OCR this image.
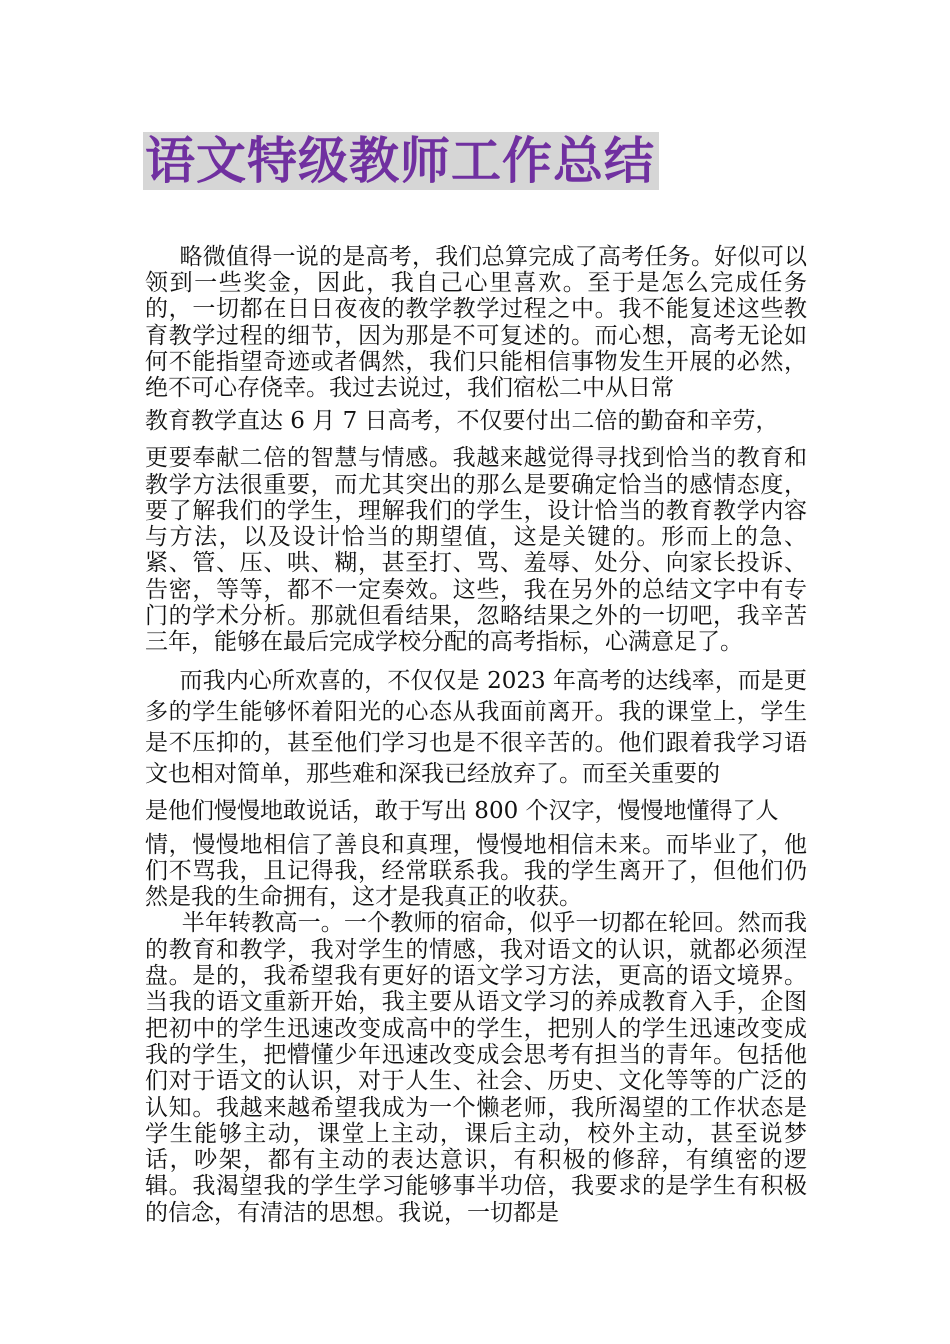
语文特级教师工作总结

略微值得一说的是高考，我们总算完成了高考任务。好似可以领到一些奖金，因此，我自己心里喜欢。至于是怎么完成任务的，一切都在日日夜夜的教学教学过程之中。我不能复述这些教育教学过程的细节，因为那是不可复述的。而心想，高考无论如何不能指望奇迹或者偶然，我们只能相信事物发生开展的必然，绝不可心存侥幸。我过去说过，我们宿松二中从日常

教育教学直达 6 月 7 日高考，不仅要付出二倍的勤奋和辛劳，

更要奉献二倍的智慧与情感。我越来越觉得寻找到恰当的教育和教学方法很重要，而尤其突出的那么是要确定恰当的感情态度，要了解我们的学生，理解我们的学生，设计恰当的教育教学内容与方法，以及设计恰当的期望值，这是关键的。形而上的急、紧、管、压、哄、糊，甚至打、骂、羞辱、处分、向家长投诉、告密，等等，都不一定奏效。这些，我在另外的总结文字中有专门的学术分析。那就但看结果，忽略结果之外的一切吧，我辛苦三年，能够在最后完成学校分配的高考指标，心满意足了。

而我内心所欢喜的，不仅仅是 2023 年高考的达线率，而是更多的学生能够怀着阳光的心态从我面前离开。我的课堂上，学生是不压抑的，甚至他们学习也是不很辛苦的。他们跟着我学习语文也相对简单，那些难和深我已经放弃了。而至关重要的

是他们慢慢地敢说话，敢于写出 800 个汉字，慢慢地懂得了人

情，慢慢地相信了善良和真理，慢慢地相信未来。而毕业了，他们不骂我，且记得我，经常联系我。我的学生离开了，但他们仍然是我的生命拥有，这才是我真正的收获。

半年转教高一。一个教师的宿命，似乎一切都在轮回。然而我的教育和教学，我对学生的情感，我对语文的认识，就都必须涅盘。是的，我希望我有更好的语文学习方法，更高的语文境界。当我的语文重新开始，我主要从语文学习的养成教育入手，企图把初中的学生迅速改变成高中的学生，把别人的学生迅速改变成我的学生，把懵懂少年迅速改变成会思考有担当的青年。包括他们对于语文的认识，对于人生、社会、历史、文化等等的广泛的认知。我越来越希望我成为一个懒老师，我所渴望的工作状态是学生能够主动，课堂上主动，课后主动，校外主动，甚至说梦话，吵架，都有主动的表达意识，有积极的修辞，有缜密的逻辑。我渴望我的学生学习能够事半功倍，我要求的是学生有积极的信念，有清洁的思想。我说，一切都是
